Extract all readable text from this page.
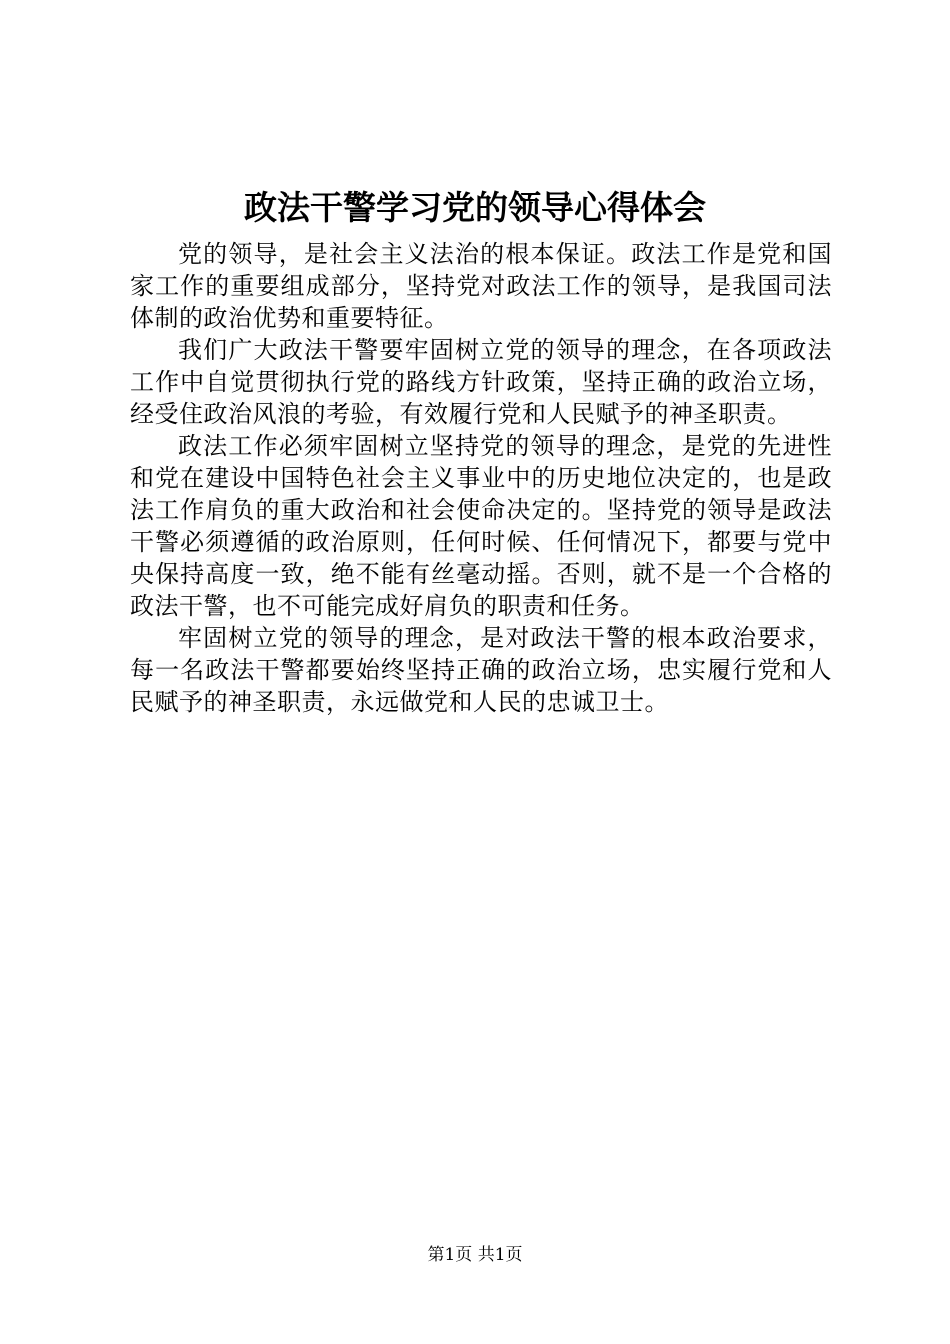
政法干警学习党的领导心得体会

党的领导，是社会主义法治的根本保证。政法工作是党和国家工作的重要组成部分，坚持党对政法工作的领导，是我国司法体制的政治优势和重要特征。

我们广大政法干警要牢固树立党的领导的理念，在各项政法工作中自觉贯彻执行党的路线方针政策，坚持正确的政治立场，经受住政治风浪的考验，有效履行党和人民赋予的神圣职责。

政法工作必须牢固树立坚持党的领导的理念，是党的先进性和党在建设中国特色社会主义事业中的历史地位决定的，也是政法工作肩负的重大政治和社会使命决定的。坚持党的领导是政法干警必须遵循的政治原则，任何时候、任何情况下，都要与党中央保持高度一致，绝不能有丝毫动摇。否则，就不是一个合格的政法干警，也不可能完成好肩负的职责和任务。

牢固树立党的领导的理念，是对政法干警的根本政治要求，每一名政法干警都要始终坚持正确的政治立场，忠实履行党和人民赋予的神圣职责，永远做党和人民的忠诚卫士。

第1页 共1页
